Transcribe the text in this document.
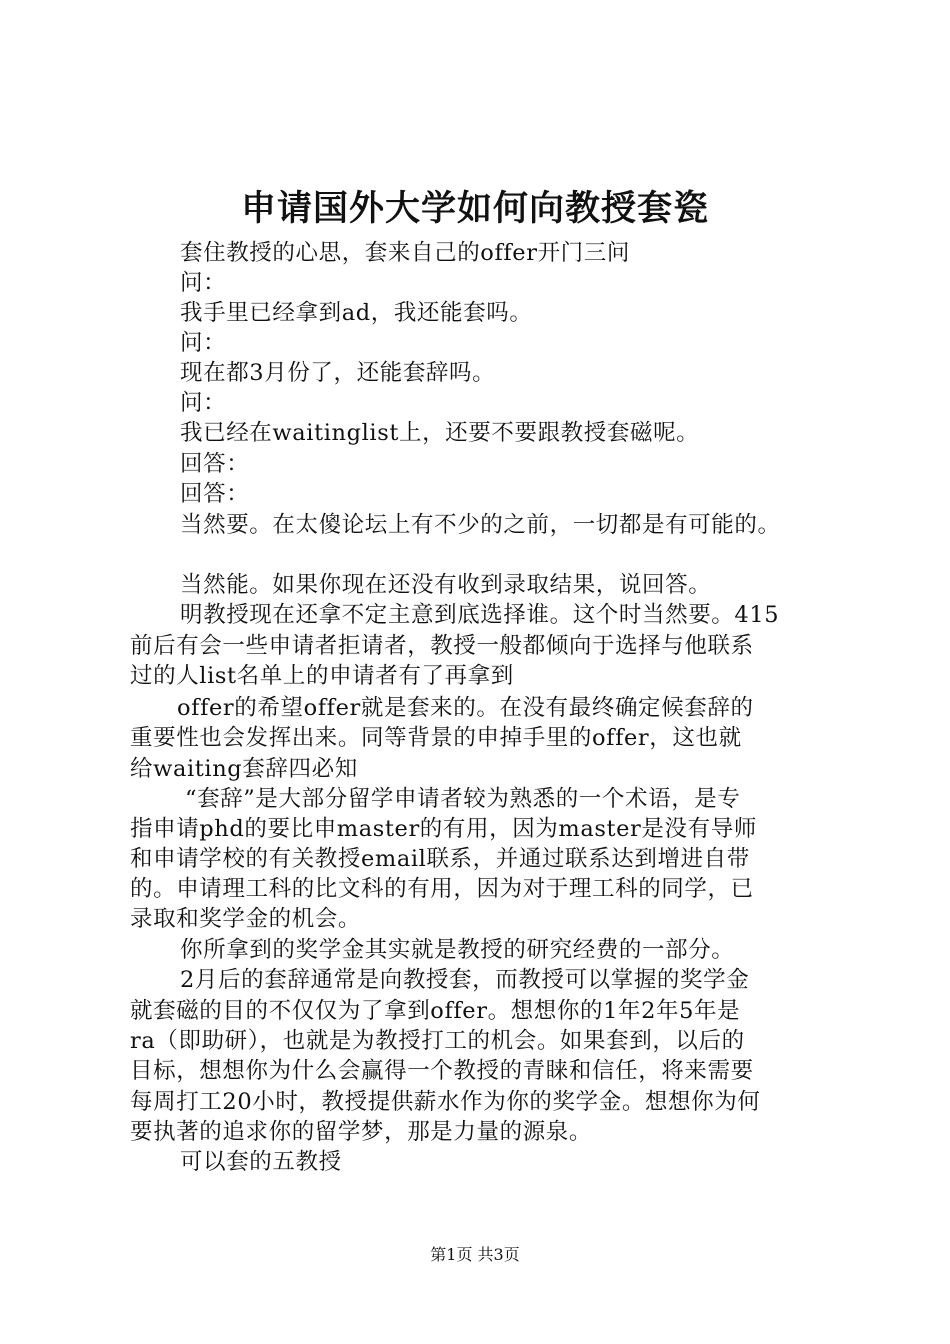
申请国外大学如何向教授套瓷
套住教授的心思，套来自己的offer开门三问
问：
我手里已经拿到ad，我还能套吗。
问：
现在都3月份了，还能套辞吗。
问：
我已经在waitinglist上，还要不要跟教授套磁呢。
回答：
回答：
当然要。在太傻论坛上有不少的之前，一切都是有可能的。
当然能。如果你现在还没有收到录取结果，说回答。
明教授现在还拿不定主意到底选择谁。这个时当然要。415
前后有会一些申请者拒请者，教授一般都倾向于选择与他联系
过的人list名单上的申请者有了再拿到
offer的希望offer就是套来的。在没有最终确定候套辞的
重要性也会发挥出来。同等背景的申掉手里的offer，这也就
给waiting套辞四必知
“套辞”是大部分留学申请者较为熟悉的一个术语，是专
指申请phd的要比申master的有用，因为master是没有导师
和申请学校的有关教授email联系，并通过联系达到增进自带
的。申请理工科的比文科的有用，因为对于理工科的同学，已
录取和奖学金的机会。
你所拿到的奖学金其实就是教授的研究经费的一部分。
2月后的套辞通常是向教授套，而教授可以掌握的奖学金
就套磁的目的不仅仅为了拿到offer。想想你的1年2年5年是
ra（即助研），也就是为教授打工的机会。如果套到，以后的
目标，想想你为什么会赢得一个教授的青睐和信任，将来需要
每周打工20小时，教授提供薪水作为你的奖学金。想想你为何
要执著的追求你的留学梦，那是力量的源泉。
可以套的五教授
第1页 共3页
